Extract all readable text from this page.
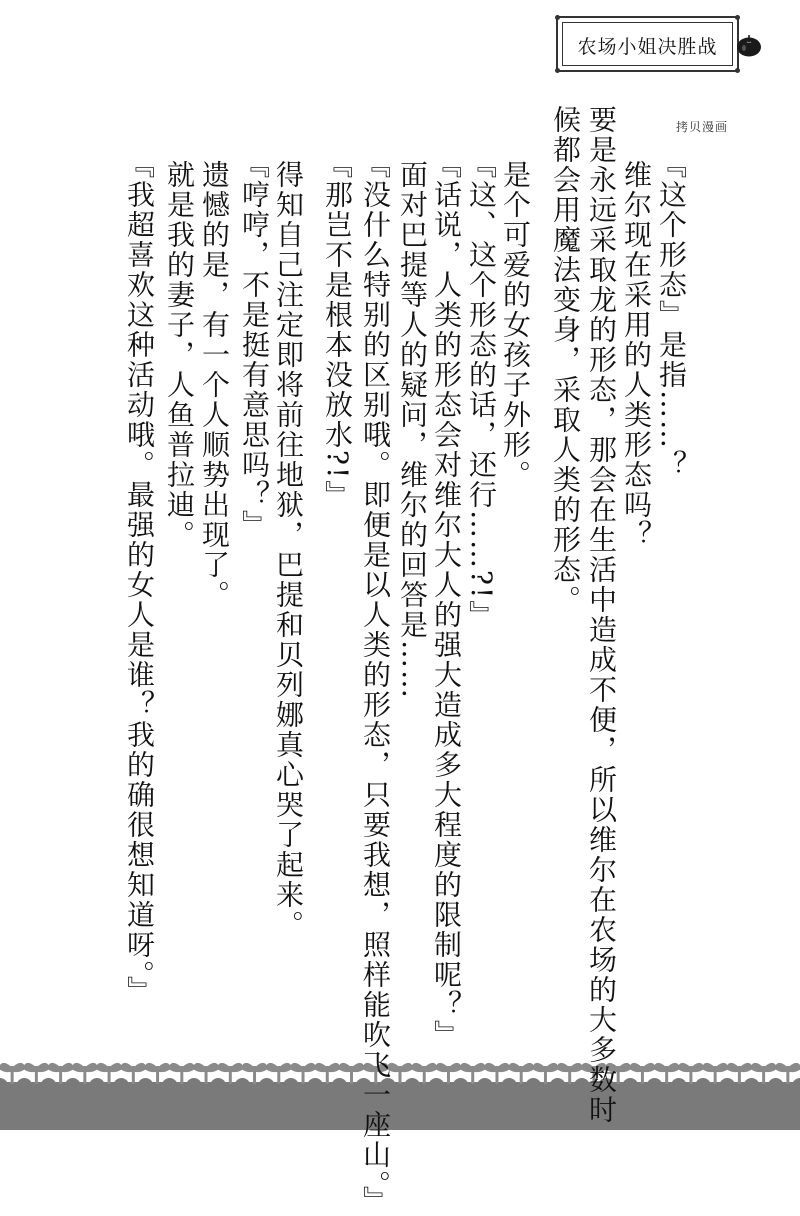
农场小姐决胜战
拷贝漫画
候都会用魔法变身，采取人类的形态。 要是永远采取龙的形态，那会在生活中造成不便，所以维尔在农场的大多数时 维尔现在采用的人类形态吗？ 『这个形态』是指……？
是个可爱的女孩子外形。
『这、这个形态的话，还行……?!』
『话说，人类的形态会对维尔大人的强大造成多大程度的限制呢？』
面对巴提等人的疑问，维尔的回答是……
『没什么特别的区别哦。即便是以人类的形态，只要我想，照样能吹飞一座山。』
『那岂不是根本没放水?!』
得知自己注定即将前往地狱，巴提和贝列娜真心哭了起来。
『哼哼，不是挺有意思吗？』
遗憾的是，有一个人顺势出现了。
就是我的妻子，人鱼普拉迪。
『我超喜欢这种活动哦。最强的女人是谁？我的确很想知道呀。』
